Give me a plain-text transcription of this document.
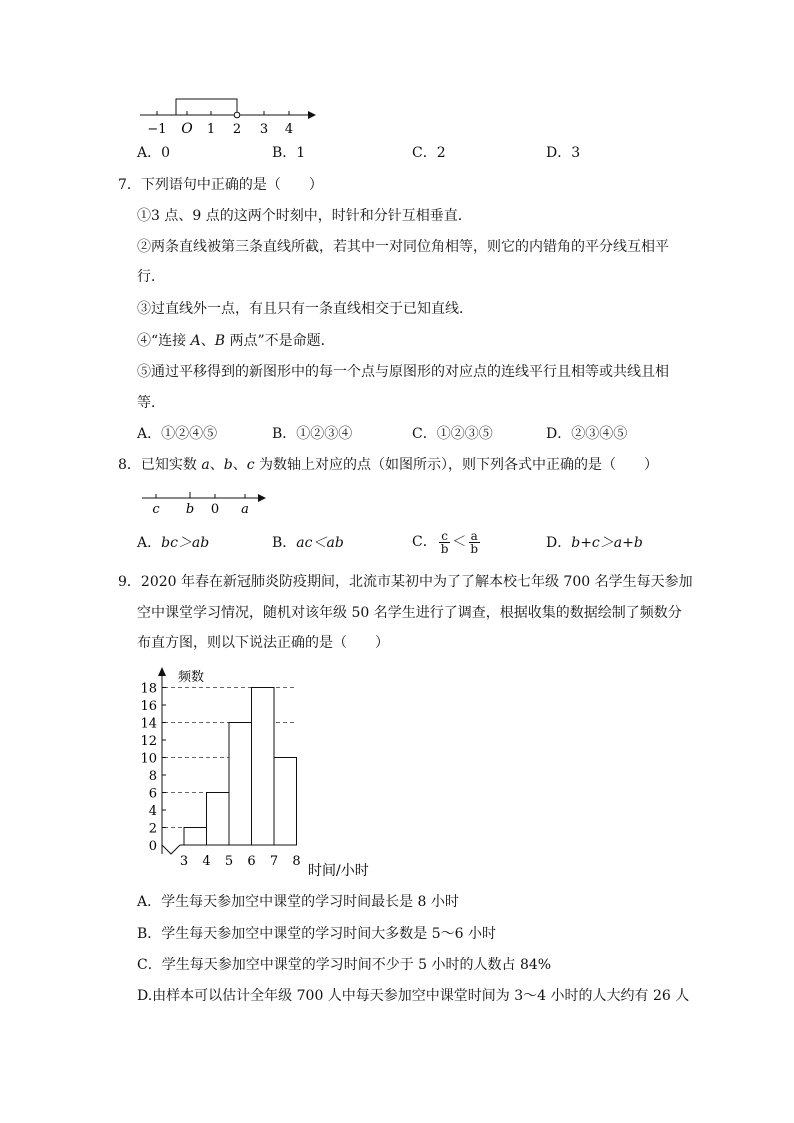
−1 O 1 2 3 4
A．0	B．1	C．2	D．3
7．下列语句中正确的是（　　）
①3 点、9 点的这两个时刻中，时针和分针互相垂直．
②两条直线被第三条直线所截，若其中一对同位角相等，则它的内错角的平分线互相平
行．
③过直线外一点，有且只有一条直线相交于已知直线．
④“连接 A、B 两点”不是命题．
⑤通过平移得到的新图形中的每一个点与原图形的对应点的连线平行且相等或共线且相
等．
A．①②④⑤	B．①②③④	C．①②③⑤	D．②③④⑤
8．已知实数 a、b、c 为数轴上对应的点（如图所示），则下列各式中正确的是（　　）
c b 0 a
A．bc＞ab	B．ac＜ab	C． $\frac{c}{b} < \frac{a}{b}$	D．b+c＞a+b
9．2020 年春在新冠肺炎防疫期间，北流市某初中为了了解本校七年级 700 名学生每天参加
空中课堂学习情况，随机对该年级 50 名学生进行了调查，根据收集的数据绘制了频数分
布直方图，则以下说法正确的是（　　）
0
2
4
6
8
10
12
14
16
18
3 4 5 6 7 8
频数
时间/小时
A．学生每天参加空中课堂的学习时间最长是 8 小时
B．学生每天参加空中课堂的学习时间大多数是 5～6 小时
C．学生每天参加空中课堂的学习时间不少于 5 小时的人数占 84%
D.由样本可以估计全年级 700 人中每天参加空中课堂时间为 3～4 小时的人大约有 26 人
